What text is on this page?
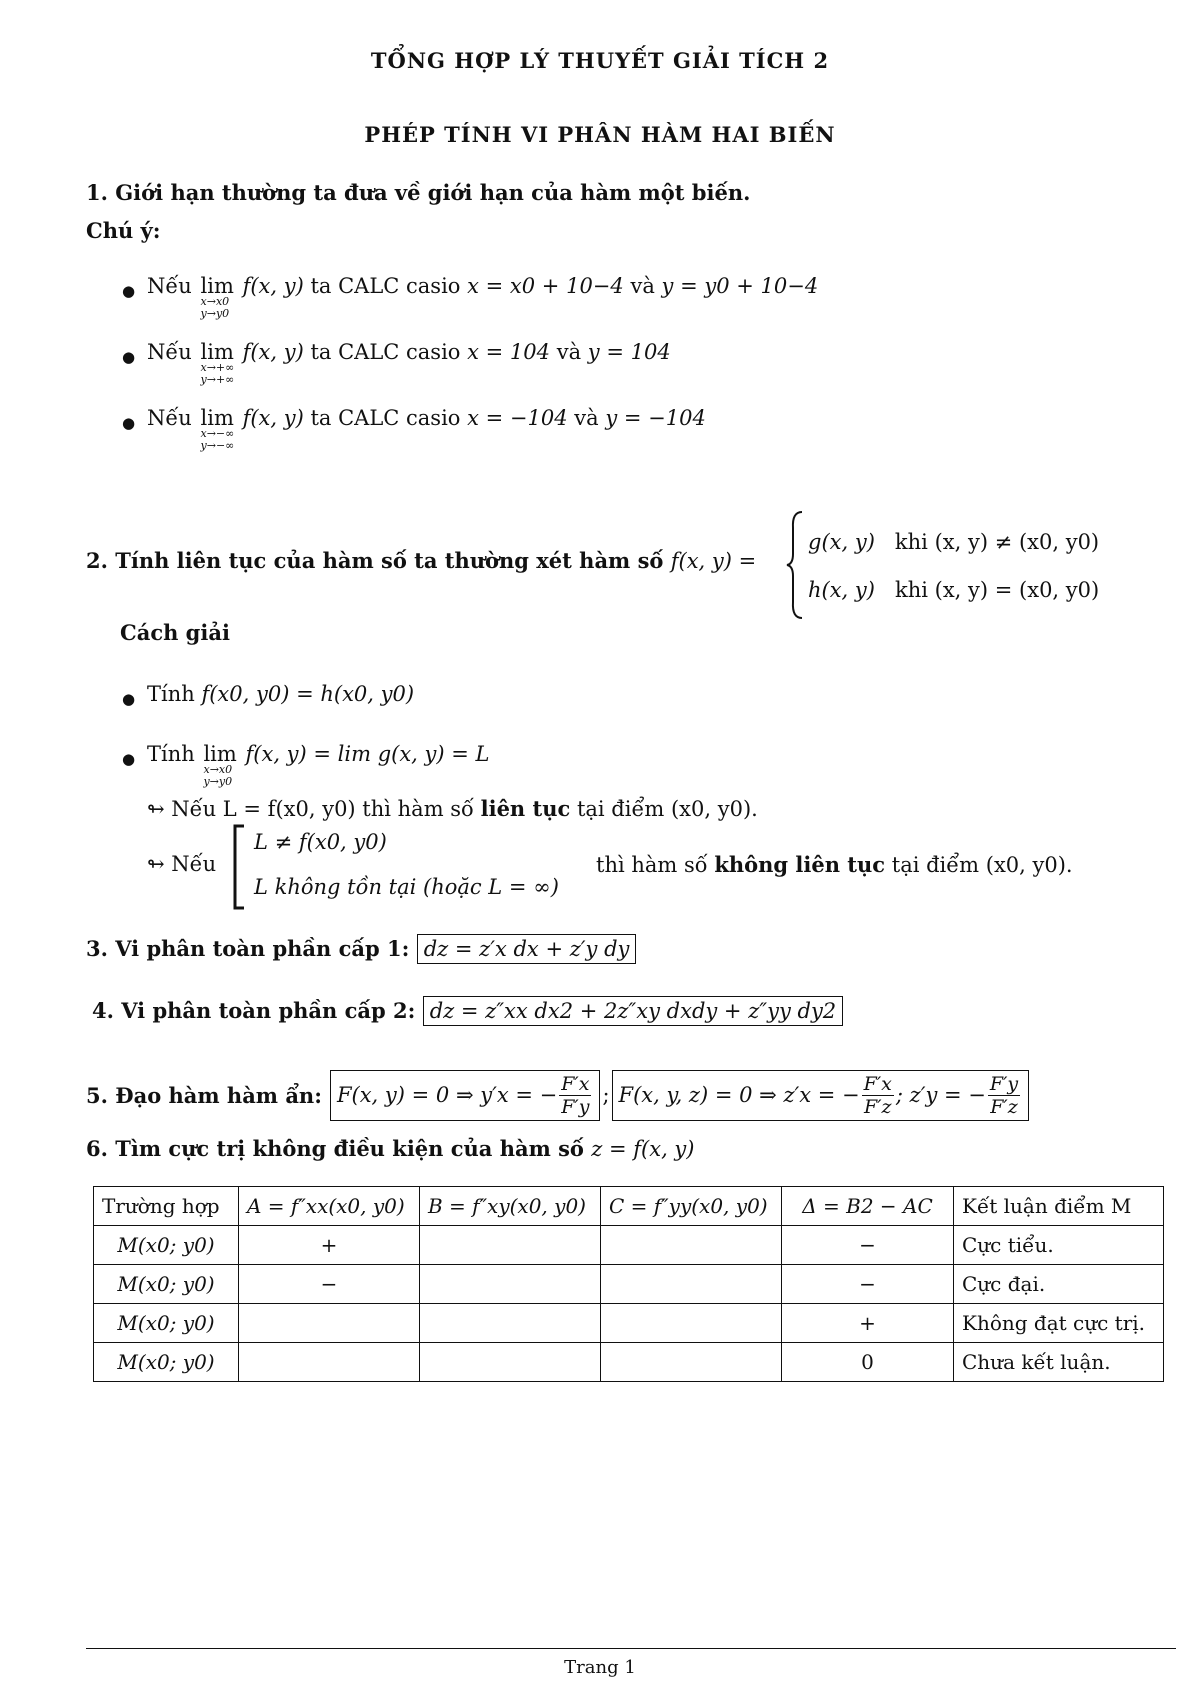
TỔNG HỢP LÝ THUYẾT GIẢI TÍCH 2
PHÉP TÍNH VI PHÂN HÀM HAI BIẾN
1. Giới hạn thường ta đưa về giới hạn của hàm một biến.
Chú ý:
● Nếu lim
x→x0
y→y0
f(x, y) ta CALC casio x = x0 + 10−4 và y = y0 + 10−4
● Nếu lim
x→+∞
y→+∞
f(x, y) ta CALC casio x = 104 và y = 104
● Nếu lim
x→−∞
y→−∞
f(x, y) ta CALC casio x = −104 và y = −104
2. Tính liên tục của hàm số ta thường xét hàm số f(x, y) =
g(x, y) khi (x, y) ≠ (x0, y0)
h(x, y) khi (x, y) = (x0, y0)
Cách giải
● Tính f(x0, y0) = h(x0, y0)
● Tính lim
x→x0
y→y0
f(x, y) = lim g(x, y) = L
↬ Nếu L = f(x0, y0) thì hàm số liên tục tại điểm (x0, y0).
↬ Nếu
L ≠ f(x0, y0)
L không tồn tại (hoặc L = ∞)
thì hàm số không liên tục tại điểm (x0, y0).
3. Vi phân toàn phần cấp 1: dz = z′x dx + z′y dy
4. Vi phân toàn phần cấp 2: dz = z″xx dx2 + 2z″xy dxdy + z″yy dy2
5. Đạo hàm hàm ẩn: F(x, y) = 0 ⇒ y′x = − $\frac{F'x}{F'y}$ ; F(x, y, z) = 0 ⇒ z′x = − $\frac{F'x}{F'z}$ ; z′y = − $\frac{F'y}{F'z}$
6. Tìm cực trị không điều kiện của hàm số z = f(x, y)
Trường hợp	A = f″xx(x0, y0)	B = f″xy(x0, y0)	C = f″yy(x0, y0)	Δ = B2 − AC	Kết luận điểm M
M(x0; y0)	+			−	Cực tiểu.
M(x0; y0)	−			−	Cực đại.
M(x0; y0)				+	Không đạt cực trị.
M(x0; y0)				0	Chưa kết luận.
Trang 1
